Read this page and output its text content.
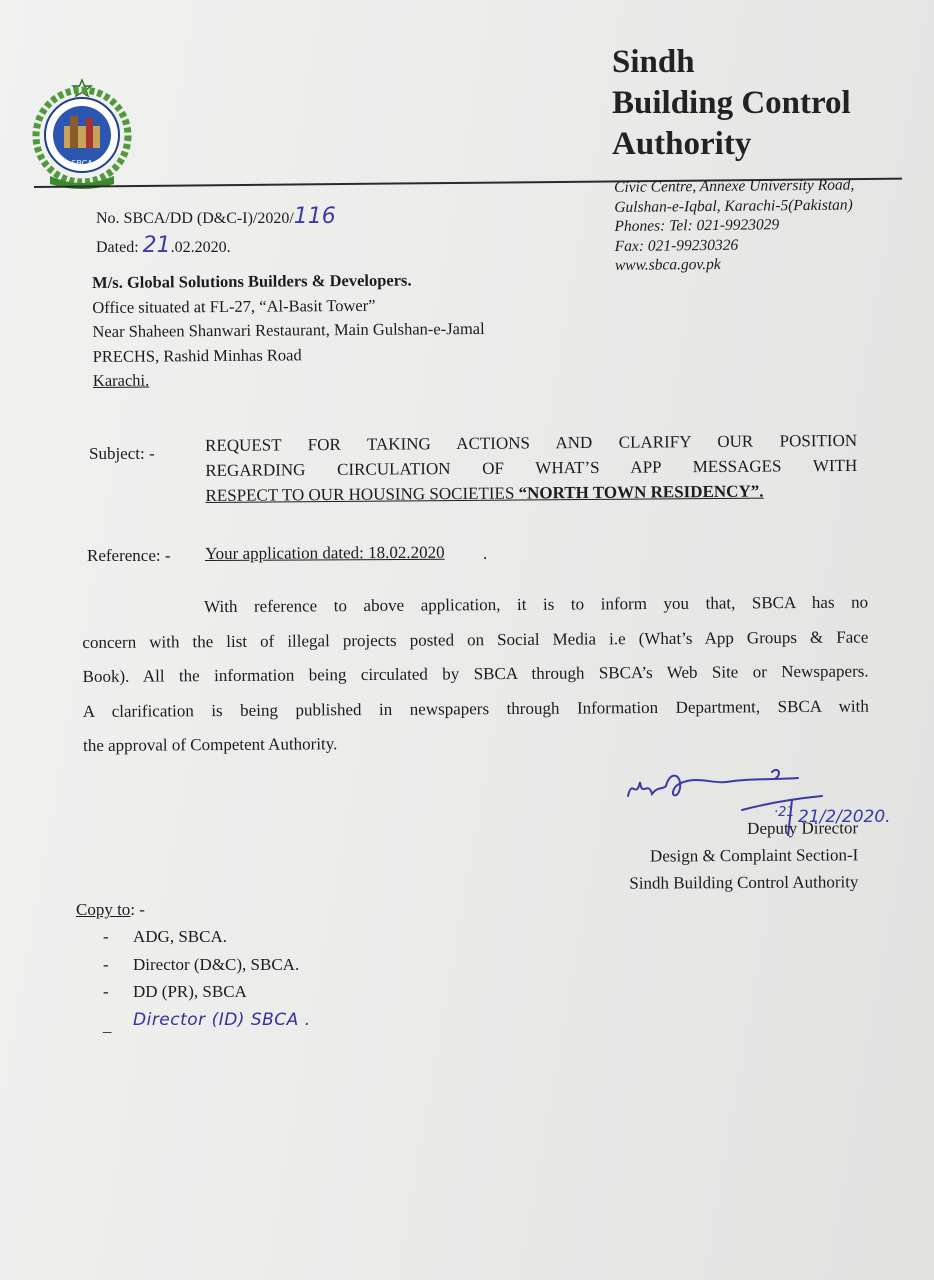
SBCA
Sindh
Building Control
Authority
Civic Centre, Annexe University Road,
Gulshan-e-Iqbal, Karachi-5(Pakistan)
Phones: Tel: 021-9923029
Fax: 021-99230326
www.sbca.gov.pk
No. SBCA/DD (D&C-I)/2020/116
Dated: 21.02.2020.
M/s. Global Solutions Builders & Developers.
Office situated at FL-27, “Al-Basit Tower”
Near Shaheen Shanwari Restaurant, Main Gulshan-e-Jamal
PRECHS, Rashid Minhas Road
Karachi.
Subject: -	REQUEST FOR TAKING ACTIONS AND CLARIFY OUR POSITION
REGARDING CIRCULATION OF WHAT’S APP MESSAGES WITH
RESPECT TO OUR HOUSING SOCIETIES “NORTH TOWN RESIDENCY”.
Reference: - Your application dated: 18.02.2020 .
With reference to above application, it is to inform you that, SBCA has no
concern with the list of illegal projects posted on Social Media i.e (What’s App Groups & Face
Book). All the information being circulated by SBCA through SBCA’s Web Site or Newspapers.
A clarification is being published in newspapers through Information Department, SBCA with
the approval of Competent Authority.
·21 21/2/2020.
Deputy Director
Design & Complaint Section-I
Sindh Building Control Authority
Copy to: -
- ADG, SBCA.
- Director (D&C), SBCA.
- DD (PR), SBCA
_ Director (ID) SBCA .
